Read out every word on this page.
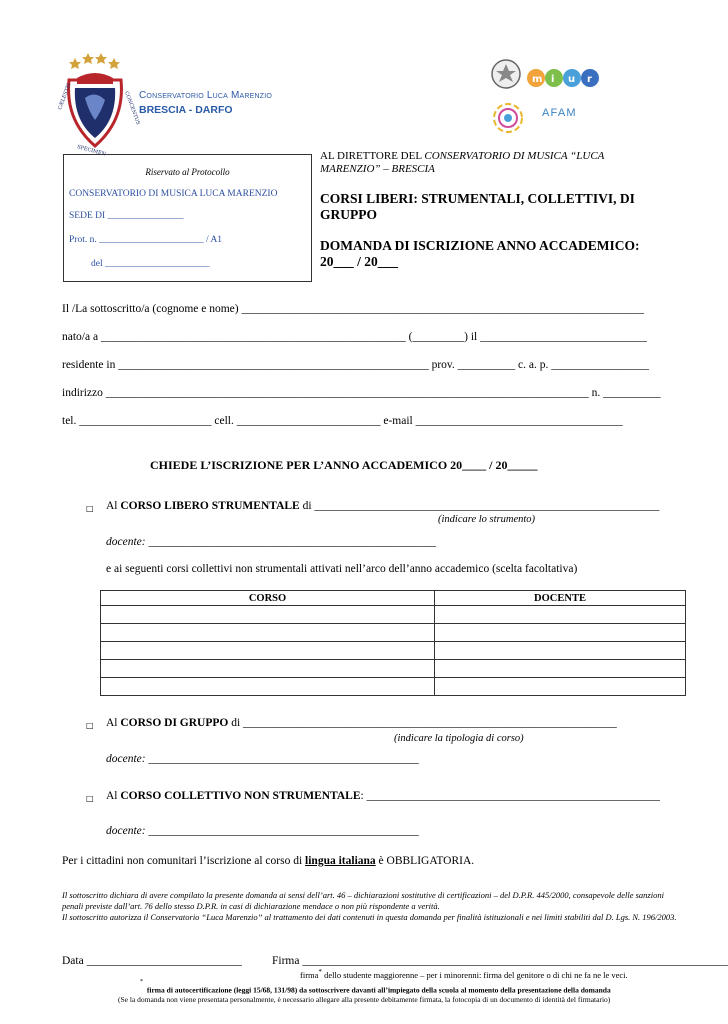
CÆLESTIS	CONCENTUS
SPECIMEN
Conservatorio Luca Marenzio
BRESCIA - DARFO
m i u r
AFAM
Riservato al Protocollo
CONSERVATORIO DI MUSICA LUCA MARENZIO
SEDE DI ________________
Prot. n. ______________________ / A1
del ______________________
AL DIRETTORE DEL CONSERVATORIO DI MUSICA “LUCA
MARENZIO” – BRESCIA
CORSI LIBERI: STRUMENTALI, COLLETTIVI, DI
GRUPPO
DOMANDA DI ISCRIZIONE ANNO ACCADEMICO:
20___ / 20___
Il /La sottoscritto/a (cognome e nome) ______________________________________________________________________
nato/a a _____________________________________________________ (_________) il _____________________________
residente in ______________________________________________________ prov. __________ c. a. p. _________________
indirizzo ____________________________________________________________________________________ n. __________
tel. _______________________ cell. _________________________ e-mail ____________________________________
CHIEDE L’ISCRIZIONE PER L’ANNO ACCADEMICO 20____ / 20_____
□ Al CORSO LIBERO STRUMENTALE di ____________________________________________________________
(indicare lo strumento)
docente: __________________________________________________
e ai seguenti corsi collettivi non strumentali attivati nell’arco dell’anno accademico (scelta facoltativa)
CORSO	DOCENTE

□ Al CORSO DI GRUPPO di _________________________________________________________________
(indicare la tipologia di corso)
docente: _______________________________________________
□ Al CORSO COLLETTIVO NON STRUMENTALE: ___________________________________________________
docente: _______________________________________________
Per i cittadini non comunitari l’iscrizione al corso di lingua italiana è OBBLIGATORIA.
Il sottoscritto dichiara di avere compilato la presente domanda ai sensi dell’art. 46 – dichiarazioni sostitutive di certificazioni – del D.P.R. 445/2000, consapevole delle sanzioni penali previste dall’art. 76 dello stesso D.P.R. in casi di dichiarazione mendace o non più rispondente a verità.
Il sottoscritto autorizza il Conservatorio “Luca Marenzio” al trattamento dei dati contenuti in questa domanda per finalità istituzionali e nei limiti stabiliti dal D. Lgs. N. 196/2003.
Data ___________________________	Firma __________________________________________________________________________
firma* dello studente maggiorenne – per i minorenni: firma del genitore o di chi ne fa ne le veci.
*  firma di autocertificazione (leggi 15/68, 131/98) da sottoscrivere davanti all’impiegato della scuola al momento della presentazione della domanda
(Se la domanda non viene presentata personalmente, è necessario allegare alla presente debitamente firmata, la fotocopia di un documento di identità del firmatario)
